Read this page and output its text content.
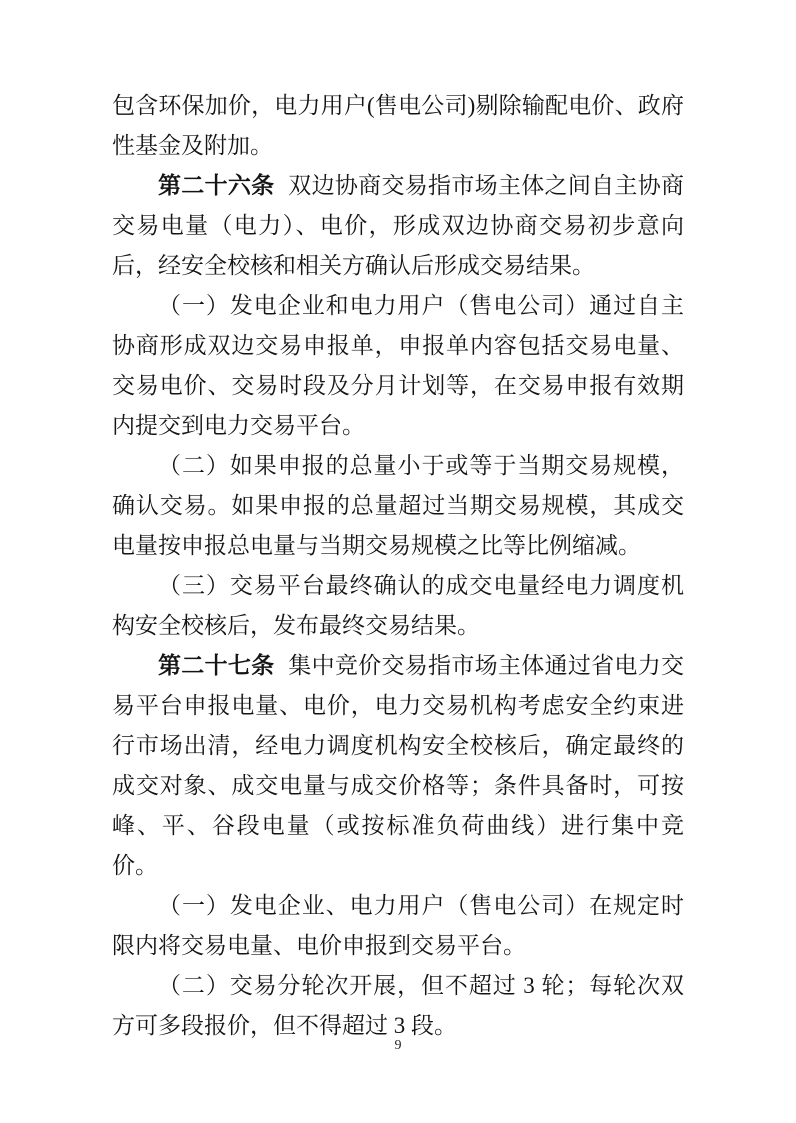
包含环保加价，电力用户(售电公司)剔除输配电价、政府性基金及附加。

第二十六条 双边协商交易指市场主体之间自主协商交易电量（电力）、电价，形成双边协商交易初步意向后，经安全校核和相关方确认后形成交易结果。

（一）发电企业和电力用户（售电公司）通过自主协商形成双边交易申报单，申报单内容包括交易电量、交易电价、交易时段及分月计划等，在交易申报有效期内提交到电力交易平台。

（二）如果申报的总量小于或等于当期交易规模，确认交易。如果申报的总量超过当期交易规模，其成交电量按申报总电量与当期交易规模之比等比例缩减。

（三）交易平台最终确认的成交电量经电力调度机构安全校核后，发布最终交易结果。

第二十七条 集中竞价交易指市场主体通过省电力交易平台申报电量、电价，电力交易机构考虑安全约束进行市场出清，经电力调度机构安全校核后，确定最终的成交对象、成交电量与成交价格等；条件具备时，可按峰、平、谷段电量（或按标准负荷曲线）进行集中竞价。

（一）发电企业、电力用户（售电公司）在规定时限内将交易电量、电价申报到交易平台。

（二）交易分轮次开展，但不超过 3 轮；每轮次双方可多段报价，但不得超过 3 段。

9
